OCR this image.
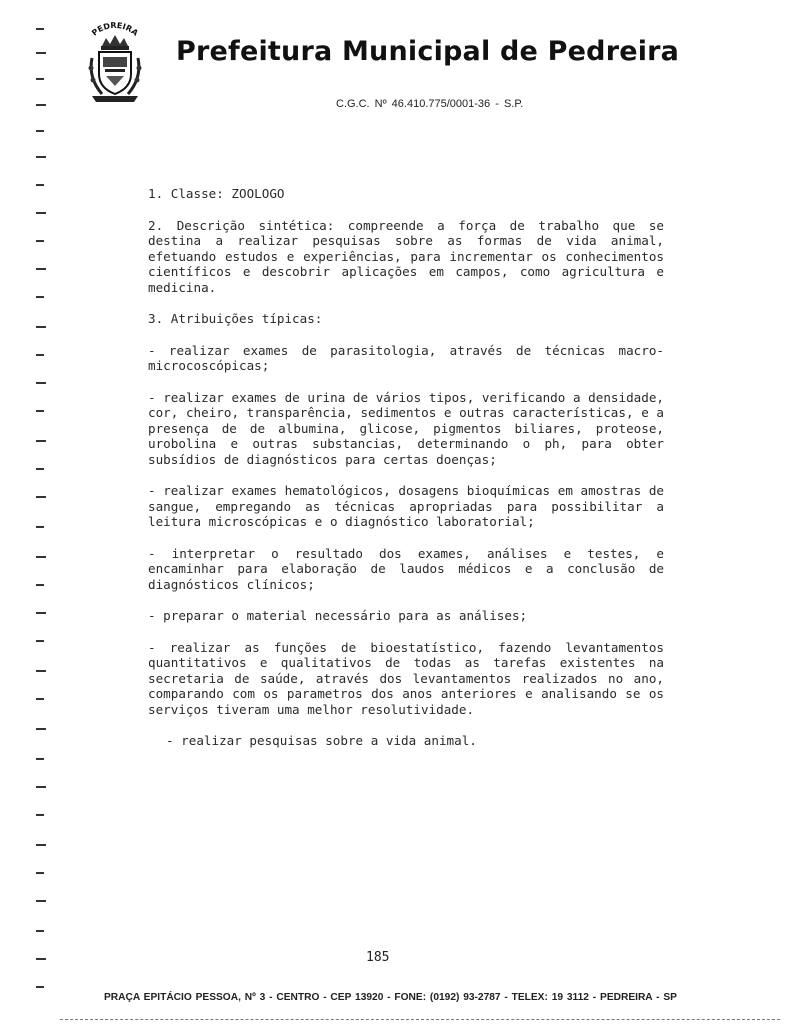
PEDREIRA
Prefeitura Municipal de Pedreira
C.G.C. Nº 46.410.775/0001-36 - S.P.

1. Classe: ZOOLOGO

2. Descrição sintética: compreende a força de trabalho que se destina a realizar pesquisas sobre as formas de vida animal, efetuando estudos e experiências, para incrementar os conhecimentos científicos e descobrir aplicações em campos, como agricultura e medicina.

3. Atribuições típicas:

- realizar exames de parasitologia, através de técnicas macro-microcoscópicas;

- realizar exames de urina de vários tipos, verificando a densidade, cor, cheiro, transparência, sedimentos e outras características, e a presença de de albumina, glicose, pigmentos biliares, proteose, urobolina e outras substancias, determinando o ph, para obter subsídios de diagnósticos para certas doenças;

- realizar exames hematológicos, dosagens bioquímicas em amostras de sangue, empregando as técnicas apropriadas para possibilitar a leitura microscópicas e o diagnóstico laboratorial;

- interpretar o resultado dos exames, análises e testes, e encaminhar para elaboração de laudos médicos e a conclusão de diagnósticos clínicos;

- preparar o material necessário para as análises;

- realizar as funções de bioestatístico, fazendo levantamentos quantitativos e qualitativos de todas as tarefas existentes na secretaria de saúde, através dos levantamentos realizados no ano, comparando com os parametros dos anos anteriores e analisando se os serviços tiveram uma melhor resolutividade.

- realizar pesquisas sobre a vida animal.

185
PRAÇA EPITÁCIO PESSOA, Nº 3 - CENTRO - CEP 13920 - FONE: (0192) 93-2787 - TELEX: 19 3112 - PEDREIRA - SP
